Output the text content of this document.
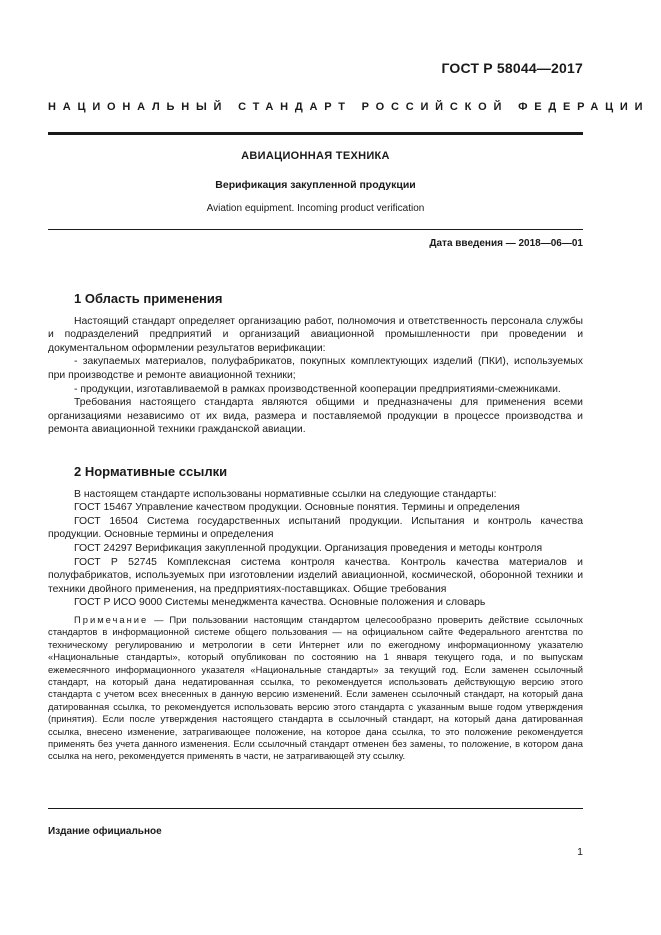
ГОСТ Р 58044—2017
НАЦИОНАЛЬНЫЙ СТАНДАРТ РОССИЙСКОЙ ФЕДЕРАЦИИ
АВИАЦИОННАЯ ТЕХНИКА
Верификация закупленной продукции
Aviation equipment. Incoming product verification
Дата введения — 2018—06—01
1 Область применения

Настоящий стандарт определяет организацию работ, полномочия и ответственность персонала службы и подразделений предприятий и организаций авиационной промышленности при проведении и документальном оформлении результатов верификации:

- закупаемых материалов, полуфабрикатов, покупных комплектующих изделий (ПКИ), используемых при производстве и ремонте авиационной техники;

- продукции, изготавливаемой в рамках производственной кооперации предприятиями-смежниками.

Требования настоящего стандарта являются общими и предназначены для применения всеми организациями независимо от их вида, размера и поставляемой продукции в процессе производства и ремонта авиационной техники гражданской авиации.

2 Нормативные ссылки

В настоящем стандарте использованы нормативные ссылки на следующие стандарты:

ГОСТ 15467 Управление качеством продукции. Основные понятия. Термины и определения

ГОСТ 16504 Система государственных испытаний продукции. Испытания и контроль качества продукции. Основные термины и определения

ГОСТ 24297 Верификация закупленной продукции. Организация проведения и методы контроля

ГОСТ Р 52745 Комплексная система контроля качества. Контроль качества материалов и полуфабрикатов, используемых при изготовлении изделий авиационной, космической, оборонной техники и техники двойного применения, на предприятиях-поставщиках. Общие требования

ГОСТ Р ИСО 9000 Системы менеджмента качества. Основные положения и словарь

Примечание — При пользовании настоящим стандартом целесообразно проверить действие ссылочных стандартов в информационной системе общего пользования — на официальном сайте Федерального агентства по техническому регулированию и метрологии в сети Интернет или по ежегодному информационному указателю «Национальные стандарты», который опубликован по состоянию на 1 января текущего года, и по выпускам ежемесячного информационного указателя «Национальные стандарты» за текущий год. Если заменен ссылочный стандарт, на который дана недатированная ссылка, то рекомендуется использовать действующую версию этого стандарта с учетом всех внесенных в данную версию изменений. Если заменен ссылочный стандарт, на который дана датированная ссылка, то рекомендуется использовать версию этого стандарта с указанным выше годом утверждения (принятия). Если после утверждения настоящего стандарта в ссылочный стандарт, на который дана датированная ссылка, внесено изменение, затрагивающее положение, на которое дана ссылка, то это положение рекомендуется применять без учета данного изменения. Если ссылочный стандарт отменен без замены, то положение, в котором дана ссылка на него, рекомендуется применять в части, не затрагивающей эту ссылку.

Издание официальное
1
